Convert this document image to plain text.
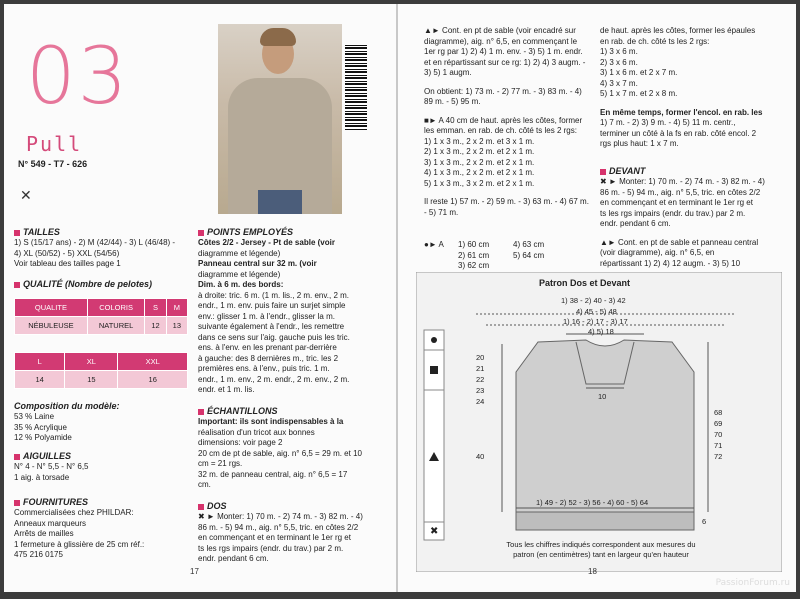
03
Pull
N° 549 - T7 - 626
✕
TAILLES
1) S (15/17 ans) - 2) M (42/44) - 3) L (46/48) -
4) XL (50/52) - 5) XXL (54/56)
Voir tableau des tailles page 1
QUALITÉ (Nombre de pelotes)
QUALITE	COLORIS	S	M
NÉBULEUSE	NATUREL	12	13
L	XL	XXL
14	15	16
Composition du modèle:
53 % Laine
35 % Acrylique
12 % Polyamide
AIGUILLES
N° 4 - N° 5,5 - N° 6,5
1 aig. à torsade
FOURNITURES
Commercialisées chez PHILDAR:
Anneaux marqueurs
Arrêts de mailles
1 fermeture à glissière de 25 cm réf.:
475 216 0175
POINTS EMPLOYÉS
Côtes 2/2 - Jersey - Pt de sable (voir
diagramme et légende)
Panneau central sur 32 m. (voir
diagramme et légende)
Dim. à 6 m. des bords:
à droite: tric. 6 m. (1 m. lis., 2 m. env., 2 m.
endr., 1 m. env. puis faire un surjet simple
env.: glisser 1 m. à l'endr., glisser la m.
suivante également à l'endr., les remettre
dans ce sens sur l'aig. gauche puis les tric.
ens. à l'env. en les prenant par-derrière
à gauche: des 8 dernières m., tric. les 2
premières ens. à l'env., puis tric. 1 m.
endr., 1 m. env., 2 m. endr., 2 m. env., 2 m.
endr. et 1 m. lis.
ÉCHANTILLONS
Important: ils sont indispensables à la
réalisation d'un tricot aux bonnes
dimensions: voir page 2
20 cm de pt de sable, aig. n° 6,5 = 29 m. et 10
cm = 21 rgs.
32 m. de panneau central, aig. n° 6,5 = 17
cm.
DOS
✖ ► Monter: 1) 70 m. - 2) 74 m. - 3) 82 m. - 4)
86 m. - 5) 94 m., aig. n° 5,5, tric. en côtes 2/2
en commençant et en terminant le 1er rg et
ts les rgs impairs (endr. du trav.) par 2 m.
endr. pendant 6 cm.
17
▲► Cont. en pt de sable (voir encadré sur
diagramme), aig. n° 6,5, en commençant le
1er rg par 1) 2) 4) 1 m. env. - 3) 5) 1 m. endr.
et en répartissant sur ce rg: 1) 2) 4) 3 augm. -
3) 5) 1 augm.
On obtient: 1) 73 m. - 2) 77 m. - 3) 83 m. - 4)
89 m. - 5) 95 m.
■► A 40 cm de haut. après les côtes, former
les emman. en rab. de ch. côté ts les 2 rgs:
1) 1 x 3 m., 2 x 2 m. et 3 x 1 m.
2) 1 x 3 m., 2 x 2 m. et 2 x 1 m.
3) 1 x 3 m., 2 x 2 m. et 2 x 1 m.
4) 1 x 3 m., 2 x 2 m. et 2 x 1 m.
5) 1 x 3 m., 3 x 2 m. et 2 x 1 m.
Il reste 1) 57 m. - 2) 59 m. - 3) 63 m. - 4) 67 m.
- 5) 71 m.
●► A 1) 60 cm	4) 63 cm
2) 61 cm	5) 64 cm
3) 62 cm
de haut. après les côtes, former les épaules
en rab. de ch. côté ts les 2 rgs:
1) 3 x 6 m.
2) 3 x 6 m.
3) 1 x 6 m. et 2 x 7 m.
4) 3 x 7 m.
5) 1 x 7 m. et 2 x 8 m.
En même temps, former l'encol. en rab. les
1) 7 m. - 2) 3) 9 m. - 4) 5) 11 m. centr.,
terminer un côté à la fs en rab. côté encol. 2
rgs plus haut: 1 x 7 m.
DEVANT
✖ ► Monter: 1) 70 m. - 2) 74 m. - 3) 82 m. - 4)
86 m. - 5) 94 m., aig. n° 5,5, tric. en côtes 2/2
en commençant et en terminant le 1er rg et
ts les rgs impairs (endr. du trav.) par 2 m.
endr. pendant 6 cm.
▲► Cont. en pt de sable et panneau central
(voir diagramme), aig. n° 6,5, en
répartissant 1) 2) 4) 12 augm. - 3) 5) 10
✖
Patron Dos et Devant
1) 38 - 2) 40 - 3) 42
4) 45 - 5) 48
1) 16 - 2) 17 - 3) 17
4) 5) 18
20
21
22
23
24
10
40
68
69
70
71
72
1) 49 - 2) 52 - 3) 56 - 4) 60 - 5) 64
6
Tous les chiffres indiqués correspondent aux mesures du
patron (en centimètres) tant en largeur qu'en hauteur
18
PassionForum.ru
